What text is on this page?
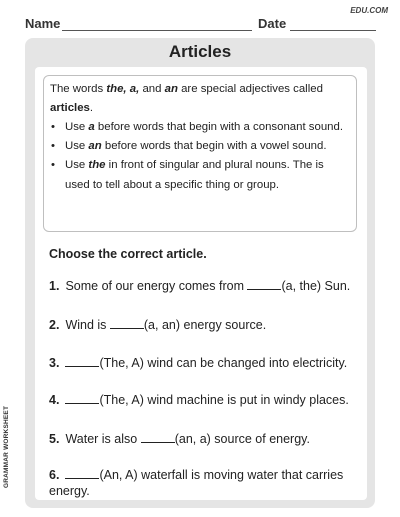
Name	Date
EDU.COM
Articles
The words the, a, and an are special adjectives called articles.
• Use a before words that begin with a consonant sound.
• Use an before words that begin with a vowel sound.
• Use the in front of singular and plural nouns. The is used to tell about a specific thing or group.
Choose the correct article.
1. Some of our energy comes from	(a, the) Sun.
2. Wind is	(a, an) energy source.
3.	(The, A) wind can be changed into electricity.
4.	(The, A) wind machine is put in windy places.
5. Water is also	(an, a) source of energy.
6.	(An, A) waterfall is moving water that carries energy.
GRAMMAR WORKSHEET
